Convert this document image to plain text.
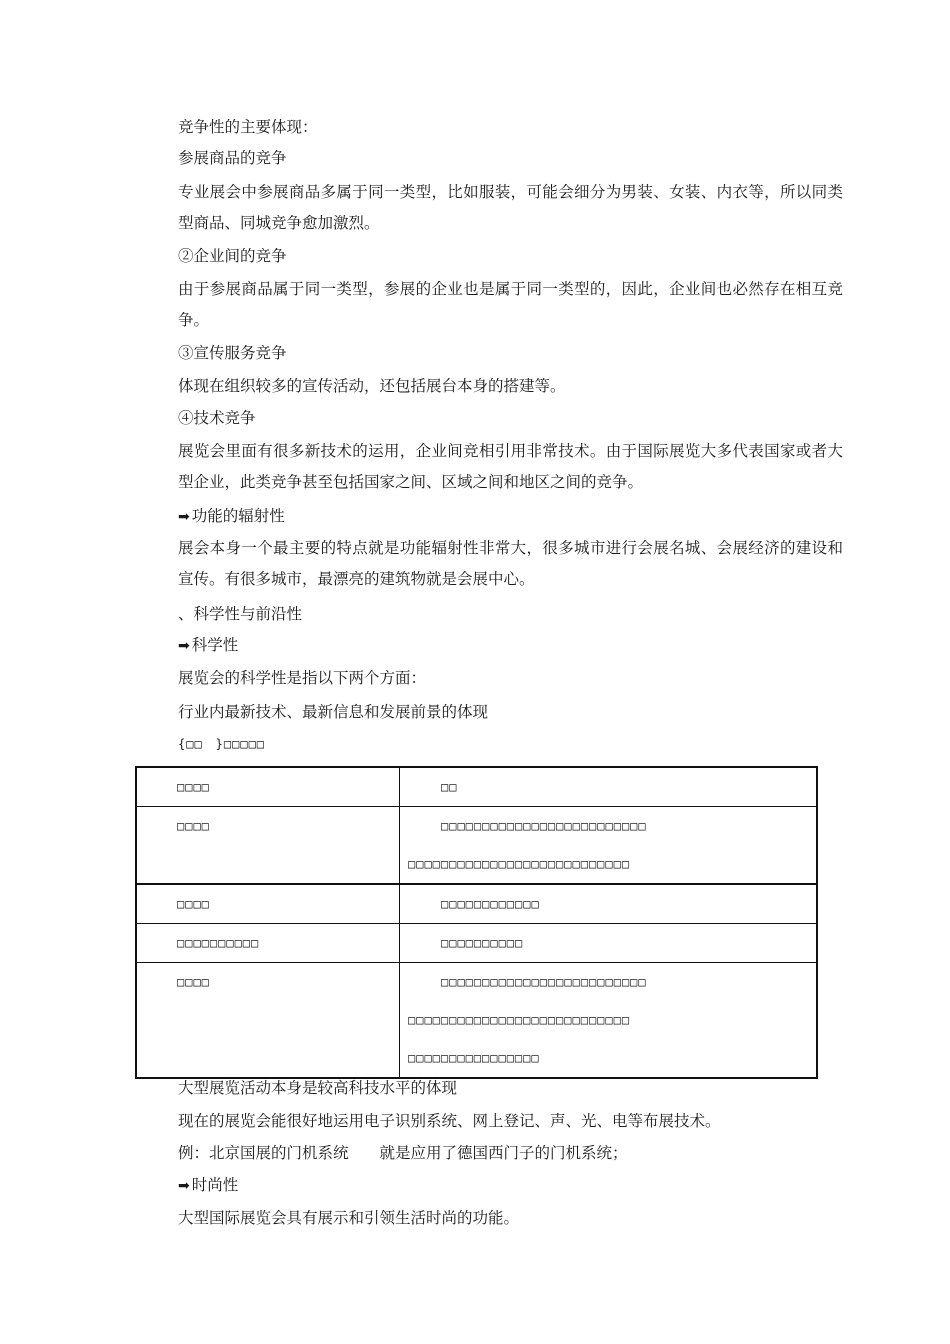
竞争性的主要体现：
参展商品的竞争
专业展会中参展商品多属于同一类型，比如服装，可能会细分为男装、女装、内衣等，所以同类型商品、同城竞争愈加激烈。
②企业间的竞争
由于参展商品属于同一类型，参展的企业也是属于同一类型的，因此，企业间也必然存在相互竞争。
③宣传服务竞争
体现在组织较多的宣传活动，还包括展台本身的搭建等。
④技术竞争
展览会里面有很多新技术的运用，企业间竞相引用非常技术。由于国际展览大多代表国家或者大型企业，此类竞争甚至包括国家之间、区域之间和地区之间的竞争。
➡ 功能的辐射性
展会本身一个最主要的特点就是功能辐射性非常大，很多城市进行会展名城、会展经济的建设和宣传。有很多城市，最漂亮的建筑物就是会展中心。
、科学性与前沿性
➡ 科学性
展览会的科学性是指以下两个方面：
行业内最新技术、最新信息和发展前景的体现
{□□　}□□□□□
□□□□	□□

□□□□	□□□□□□□□□□□□□□□□□□□□□□□□□
□□□□□□□□□□□□□□□□□□□□□□□□□□□

□□□□	□□□□□□□□□□□□

□□□□□□□□□□	□□□□□□□□□□

□□□□	□□□□□□□□□□□□□□□□□□□□□□□□□
□□□□□□□□□□□□□□□□□□□□□□□□□□□
□□□□□□□□□□□□□□□□
大型展览活动本身是较高科技水平的体现
现在的展览会能很好地运用电子识别系统、网上登记、声、光、电等布展技术。
例：北京国展的门机系统　　就是应用了德国西门子的门机系统；
➡ 时尚性
大型国际展览会具有展示和引领生活时尚的功能。
